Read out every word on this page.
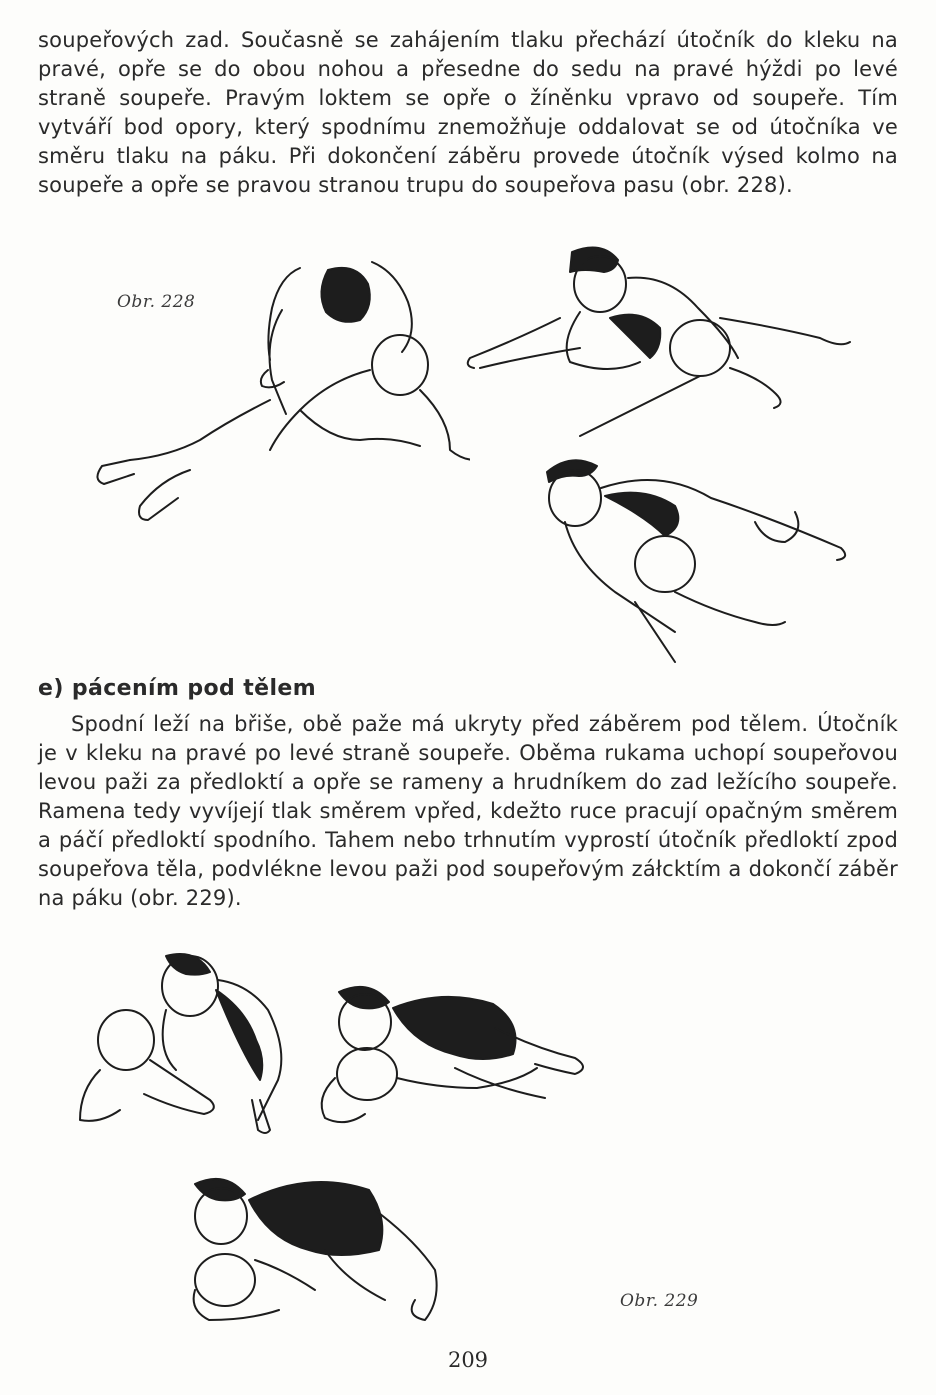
soupeřových zad. Současně se zahájením tlaku přechází útočník do kleku na pravé, opře se do obou nohou a přesedne do sedu na pravé hýždi po levé straně soupeře. Pravým loktem se opře o žíněnku vpravo od soupeře. Tím vytváří bod opory, který spodnímu znemožňuje oddalovat se od útočníka ve směru tlaku na páku. Při dokončení záběru provede útočník výsed kolmo na soupeře a opře se pravou stranou trupu do soupeřova pasu (obr. 228).
Obr. 228
e) pácením pod tělem
Spodní leží na břiše, obě paže má ukryty před záběrem pod tělem. Útočník je v kleku na pravé po levé straně soupeře. Oběma rukama uchopí soupeřovou levou paži za předloktí a opře se rameny a hrudníkem do zad ležícího soupeře. Ramena tedy vyvíjejí tlak směrem vpřed, kdežto ruce pracují opačným směrem a páčí předloktí spodního. Tahem nebo trhnutím vyprostí útočník předloktí zpod soupeřova těla, podvlékne levou paži pod soupeřovým záłcktím a dokončí záběr na páku (obr. 229).
Obr. 229
209
